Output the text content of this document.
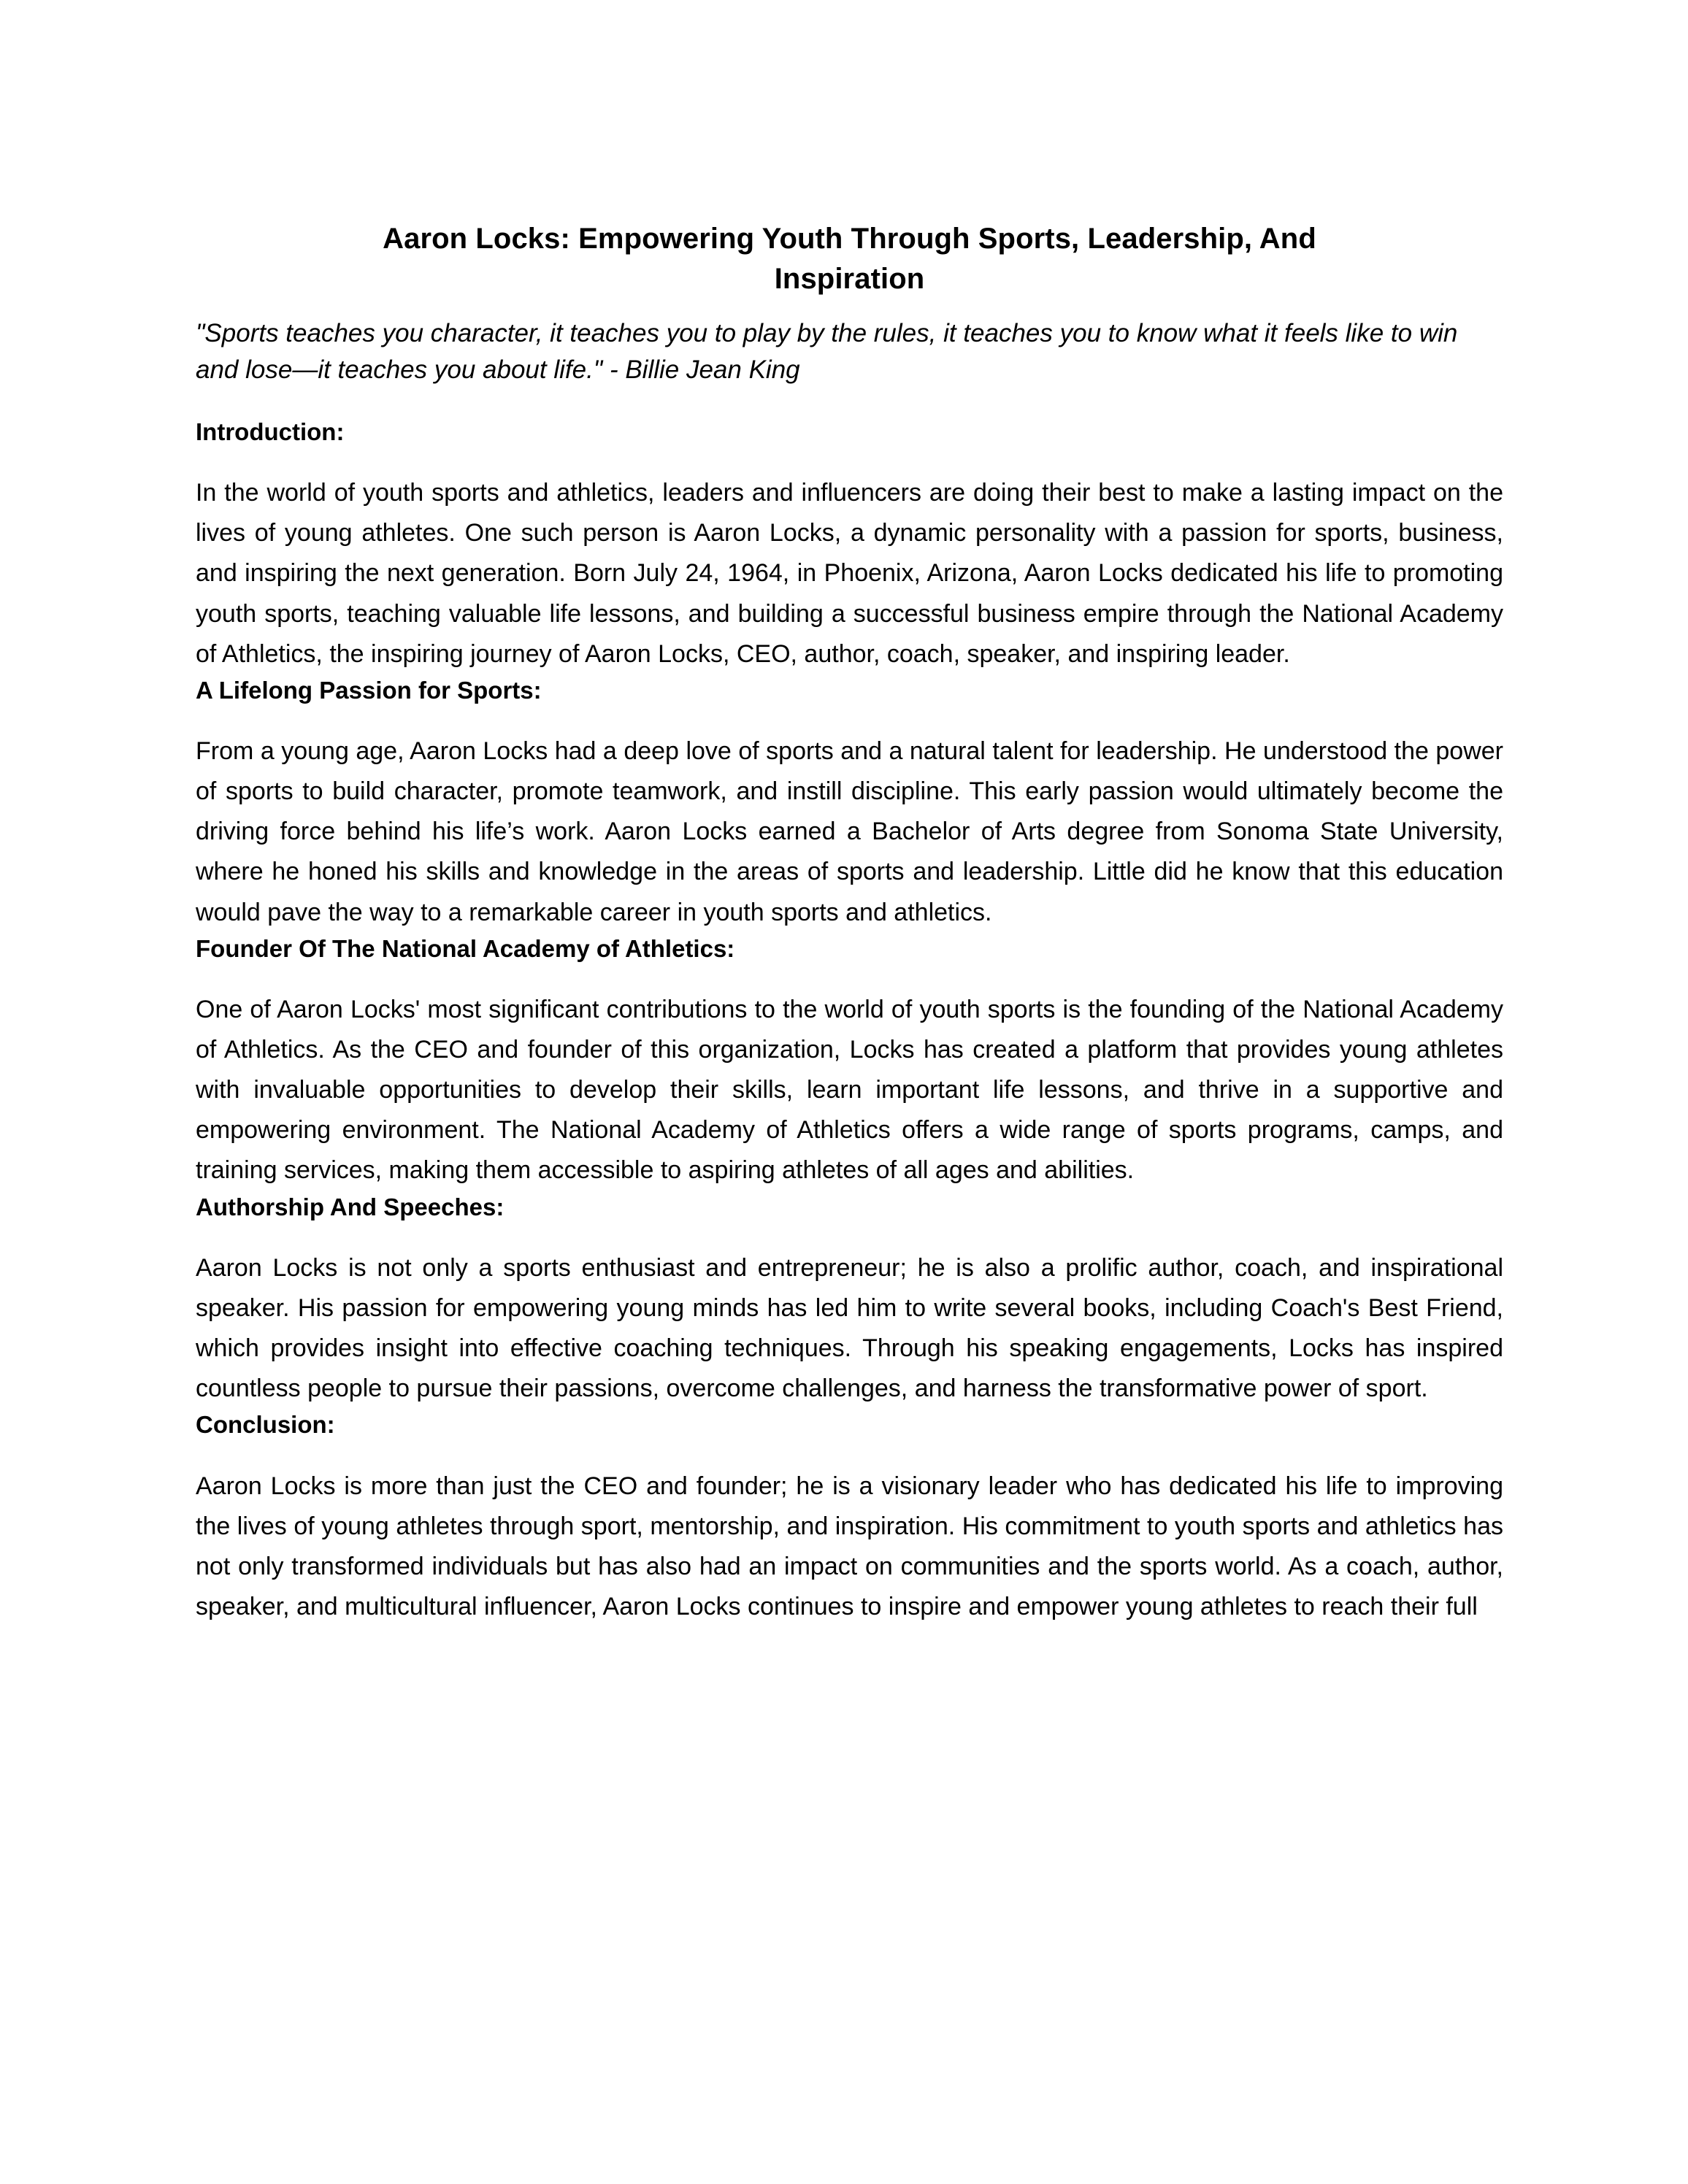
Aaron Locks: Empowering Youth Through Sports, Leadership, And Inspiration

"Sports teaches you character, it teaches you to play by the rules, it teaches you to know what it feels like to win and lose—it teaches you about life." - Billie Jean King

Introduction:

In the world of youth sports and athletics, leaders and influencers are doing their best to make a lasting impact on the lives of young athletes. One such person is Aaron Locks, a dynamic personality with a passion for sports, business, and inspiring the next generation. Born July 24, 1964, in Phoenix, Arizona, Aaron Locks dedicated his life to promoting youth sports, teaching valuable life lessons, and building a successful business empire through the National Academy of Athletics, the inspiring journey of Aaron Locks, CEO, author, coach, speaker, and inspiring leader.

A Lifelong Passion for Sports:

From a young age, Aaron Locks had a deep love of sports and a natural talent for leadership. He understood the power of sports to build character, promote teamwork, and instill discipline. This early passion would ultimately become the driving force behind his life’s work. Aaron Locks earned a Bachelor of Arts degree from Sonoma State University, where he honed his skills and knowledge in the areas of sports and leadership. Little did he know that this education would pave the way to a remarkable career in youth sports and athletics.

Founder Of The National Academy of Athletics:

One of Aaron Locks' most significant contributions to the world of youth sports is the founding of the National Academy of Athletics. As the CEO and founder of this organization, Locks has created a platform that provides young athletes with invaluable opportunities to develop their skills, learn important life lessons, and thrive in a supportive and empowering environment. The National Academy of Athletics offers a wide range of sports programs, camps, and training services, making them accessible to aspiring athletes of all ages and abilities.

Authorship And Speeches:

Aaron Locks is not only a sports enthusiast and entrepreneur; he is also a prolific author, coach, and inspirational speaker. His passion for empowering young minds has led him to write several books, including Coach's Best Friend, which provides insight into effective coaching techniques. Through his speaking engagements, Locks has inspired countless people to pursue their passions, overcome challenges, and harness the transformative power of sport.

Conclusion:

Aaron Locks is more than just the CEO and founder; he is a visionary leader who has dedicated his life to improving the lives of young athletes through sport, mentorship, and inspiration. His commitment to youth sports and athletics has not only transformed individuals but has also had an impact on communities and the sports world. As a coach, author, speaker, and multicultural influencer, Aaron Locks continues to inspire and empower young athletes to reach their full
